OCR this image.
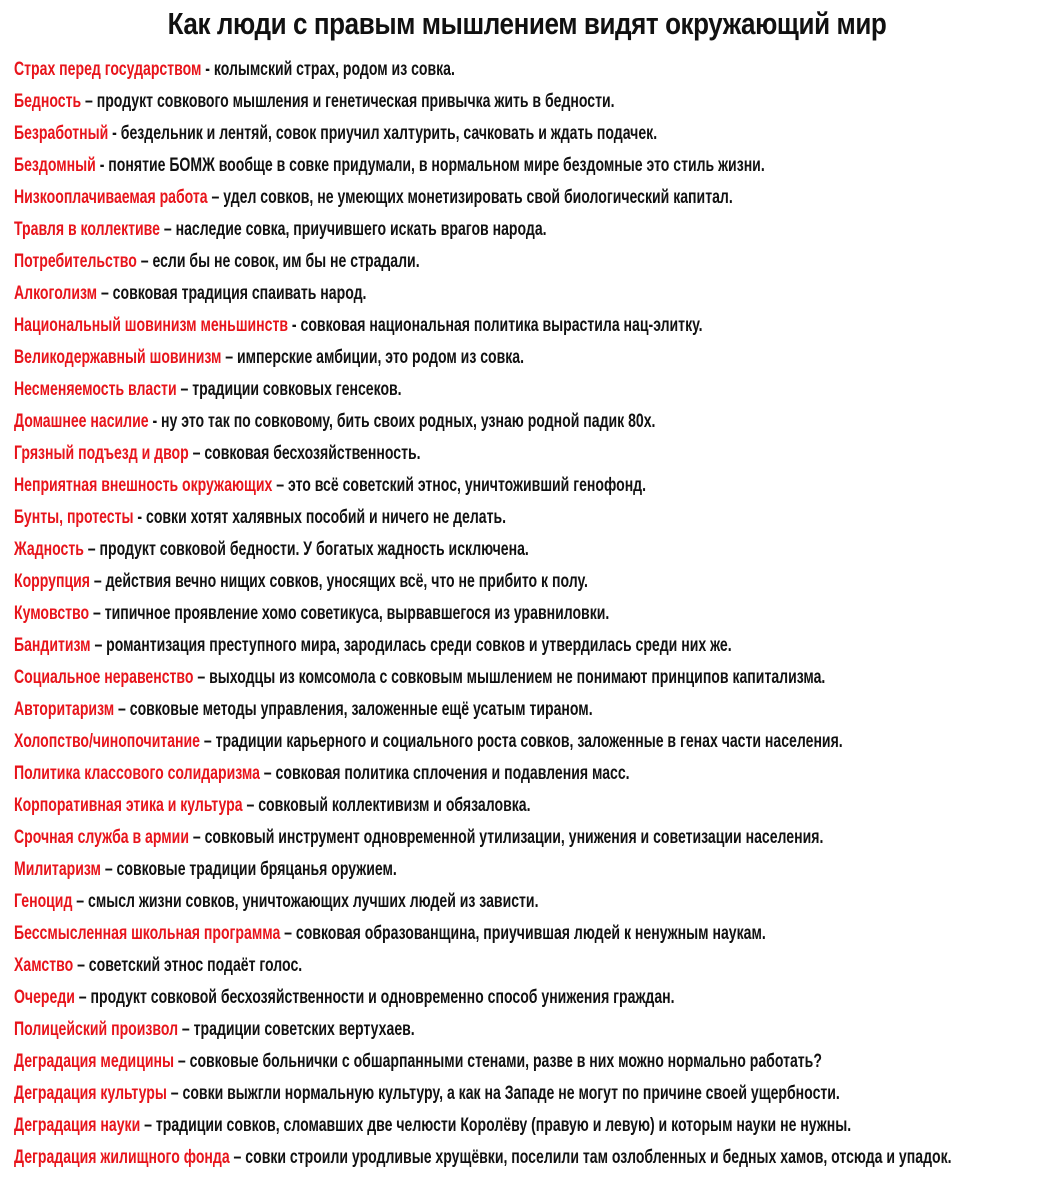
Как люди с правым мышлением видят окружающий мир
Страх перед государством - колымский страх, родом из совка.
Бедность – продукт совкового мышления и генетическая привычка жить в бедности.
Безработный - бездельник и лентяй, совок приучил халтурить, сачковать и ждать подачек.
Бездомный - понятие БОМЖ вообще в совке придумали, в нормальном мире бездомные это стиль жизни.
Низкооплачиваемая работа – удел совков, не умеющих монетизировать свой биологический капитал.
Травля в коллективе – наследие совка, приучившего искать врагов народа.
Потребительство – если бы не совок, им бы не страдали.
Алкоголизм – совковая традиция спаивать народ.
Национальный шовинизм меньшинств - совковая национальная политика вырастила нац-элитку.
Великодержавный шовинизм – имперские амбиции, это родом из совка.
Несменяемость власти – традиции совковых генсеков.
Домашнее насилие - ну это так по совковому, бить своих родных, узнаю родной падик 80х.
Грязный подъезд и двор – совковая бесхозяйственность.
Неприятная внешность окружающих – это всё советский этнос, уничтоживший генофонд.
Бунты, протесты - совки хотят халявных пособий и ничего не делать.
Жадность – продукт совковой бедности. У богатых жадность исключена.
Коррупция – действия вечно нищих совков, уносящих всё, что не прибито к полу.
Кумовство – типичное проявление хомо советикуса, вырвавшегося из уравниловки.
Бандитизм – романтизация преступного мира, зародилась среди совков и утвердилась среди них же.
Социальное неравенство – выходцы из комсомола с совковым мышлением не понимают принципов капитализма.
Авторитаризм – совковые методы управления, заложенные ещё усатым тираном.
Холопство/чинопочитание – традиции карьерного и социального роста совков, заложенные в генах части населения.
Политика классового солидаризма – совковая политика сплочения и подавления масс.
Корпоративная этика и культура – совковый коллективизм и обязаловка.
Срочная служба в армии – совковый инструмент одновременной утилизации, унижения и советизации населения.
Милитаризм – совковые традиции бряцанья оружием.
Геноцид – смысл жизни совков, уничтожающих лучших людей из зависти.
Бессмысленная школьная программа – совковая образованщина, приучившая людей к ненужным наукам.
Хамство – советский этнос подаёт голос.
Очереди – продукт совковой бесхозяйственности и одновременно способ унижения граждан.
Полицейский произвол – традиции советских вертухаев.
Деградация медицины – совковые больнички с обшарпанными стенами, разве в них можно нормально работать?
Деградация культуры – совки выжгли нормальную культуру, а как на Западе не могут по причине своей ущербности.
Деградация науки – традиции совков, сломавших две челюсти Королёву (правую и левую) и которым науки не нужны.
Деградация жилищного фонда – совки строили уродливые хрущёвки, поселили там озлобленных и бедных хамов, отсюда и упадок.
